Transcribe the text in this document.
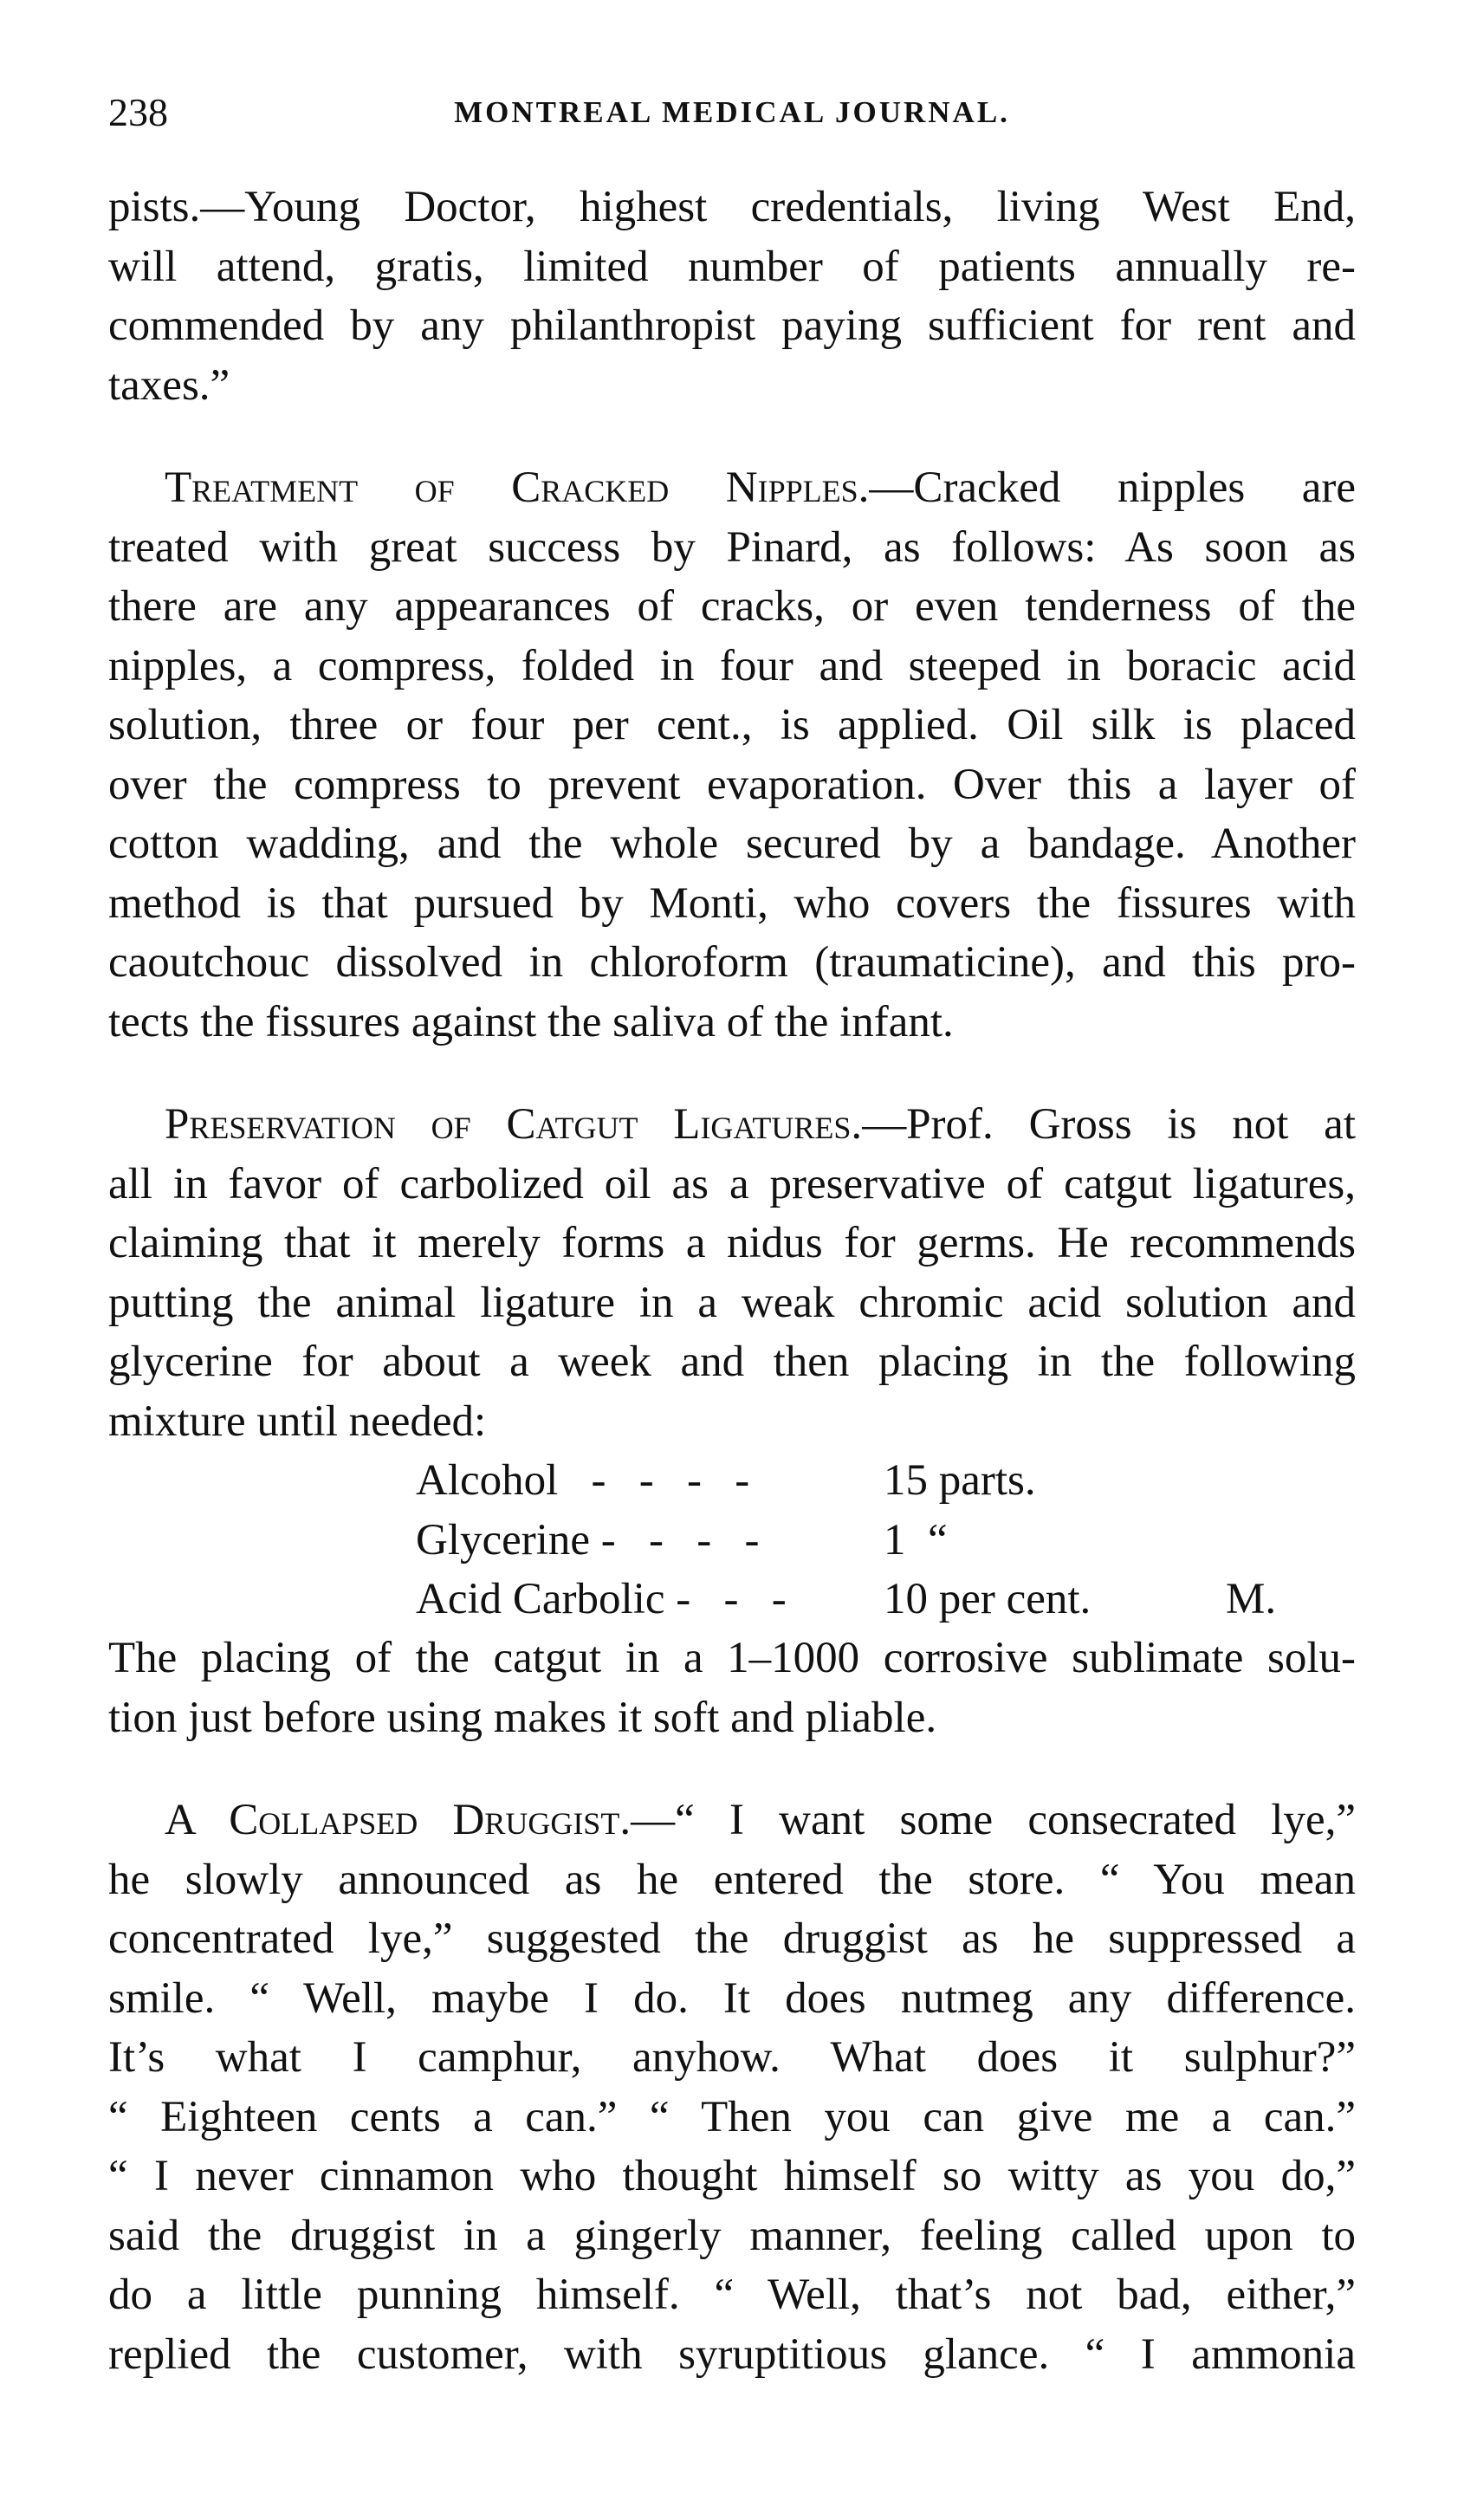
238	MONTREAL MEDICAL JOURNAL.
pists.—Young Doctor, highest credentials, living West End,
will attend, gratis, limited number of patients annually re-
commended by any philanthropist paying sufficient for rent and
taxes.”
Treatment of Cracked Nipples.—Cracked nipples are
treated with great success by Pinard, as follows: As soon as
there are any appearances of cracks, or even tenderness of the
nipples, a compress, folded in four and steeped in boracic acid
solution, three or four per cent., is applied. Oil silk is placed
over the compress to prevent evaporation. Over this a layer of
cotton wadding, and the whole secured by a bandage. Another
method is that pursued by Monti, who covers the fissures with
caoutchouc dissolved in chloroform (traumaticine), and this pro-
tects the fissures against the saliva of the infant.
Preservation of Catgut Ligatures.—Prof. Gross is not at
all in favor of carbolized oil as a preservative of catgut ligatures,
claiming that it merely forms a nidus for germs. He recommends
putting the animal ligature in a weak chromic acid solution and
glycerine for about a week and then placing in the following
mixture until needed:
Alcohol   -   -   -   -	15 parts.
Glycerine -   -   -   -	1  “
Acid Carbolic -   -   - 10 per cent.	M.
The placing of the catgut in a 1–1000 corrosive sublimate solu-
tion just before using makes it soft and pliable.
A Collapsed Druggist.—“ I want some consecrated lye,”
he slowly announced as he entered the store. “ You mean
concentrated lye,” suggested the druggist as he suppressed a
smile. “ Well, maybe I do. It does nutmeg any difference.
It’s what I camphur, anyhow. What does it sulphur?”
“ Eighteen cents a can.” “ Then you can give me a can.”
“ I never cinnamon who thought himself so witty as you do,”
said the druggist in a gingerly manner, feeling called upon to
do a little punning himself. “ Well, that’s not bad, either,”
replied the customer, with syruptitious glance. “ I ammonia
